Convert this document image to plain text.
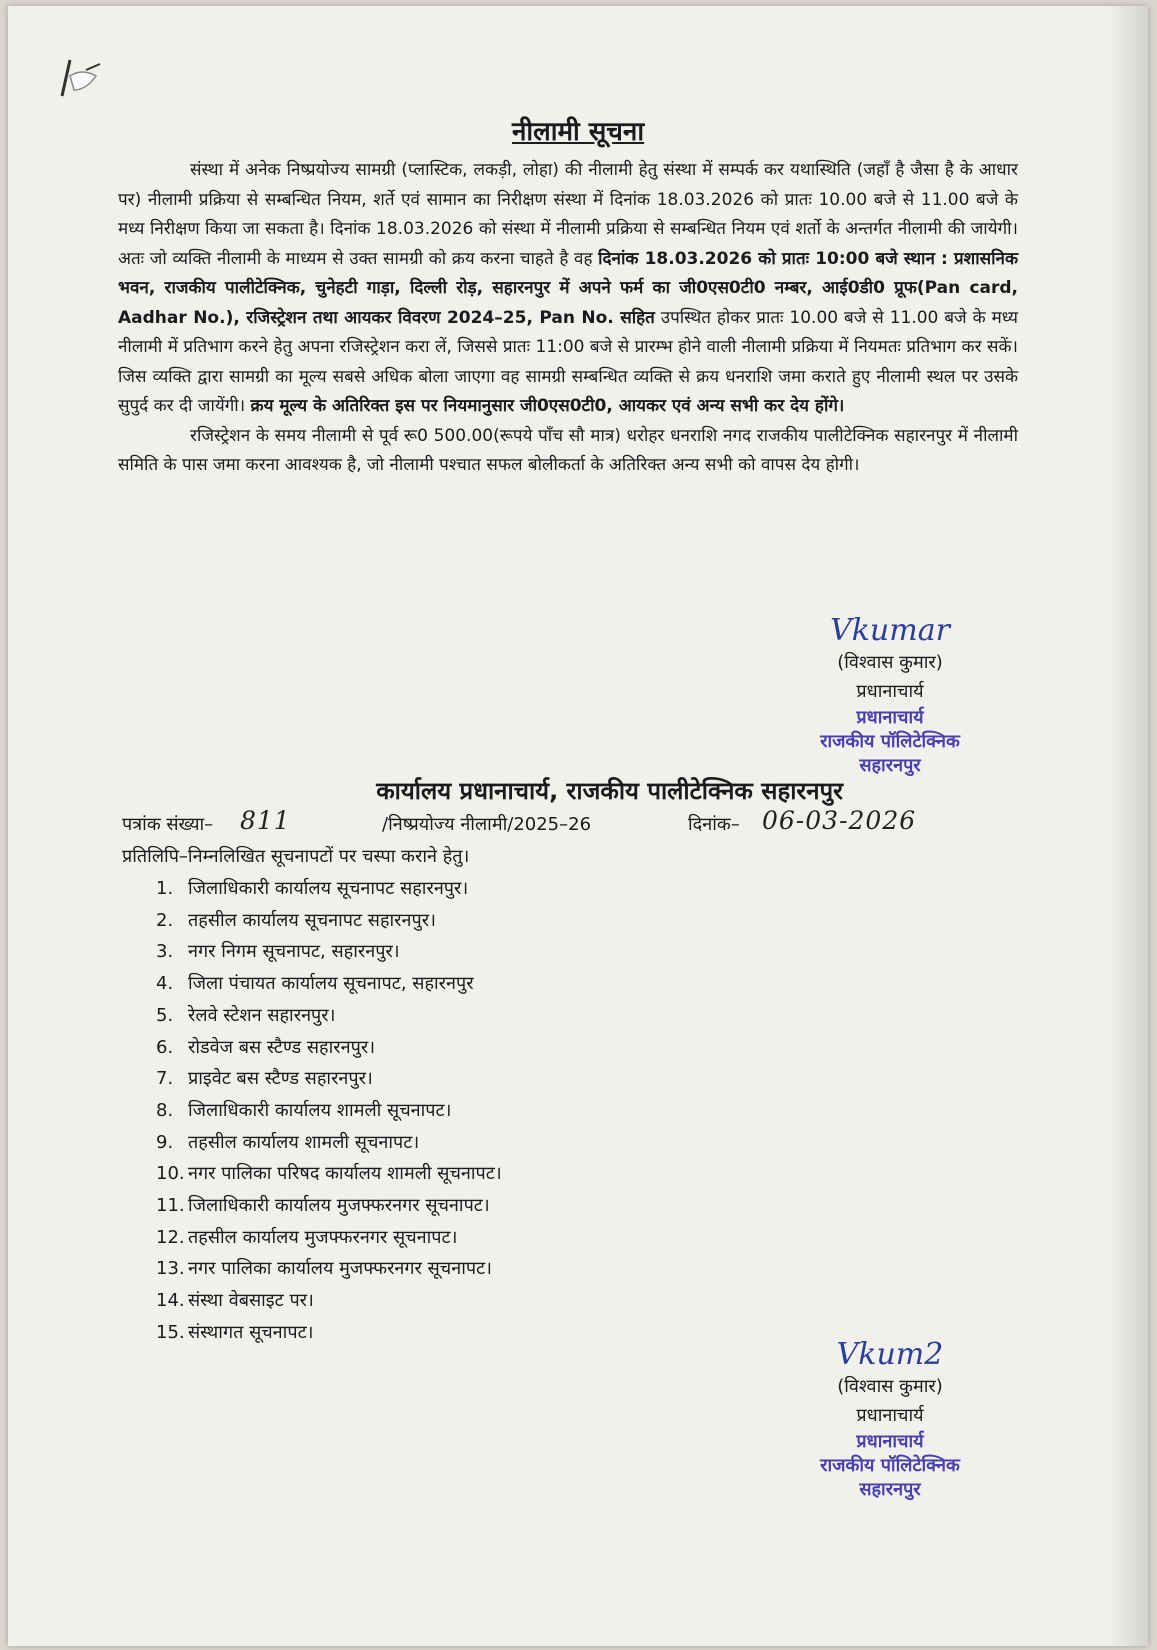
नीलामी सूचना

संस्था में अनेक निष्प्रयोज्य सामग्री (प्लास्टिक, लकड़ी, लोहा) की नीलामी हेतु संस्था में सम्पर्क कर यथास्थिति (जहाँ है जैसा है के आधार पर) नीलामी प्रक्रिया से सम्बन्धित नियम, शर्ते एवं सामान का निरीक्षण संस्था में दिनांक 18.03.2026 को प्रातः 10.00 बजे से 11.00 बजे के मध्य निरीक्षण किया जा सकता है। दिनांक 18.03.2026 को संस्था में नीलामी प्रक्रिया से सम्बन्धित नियम एवं शर्तो के अन्तर्गत नीलामी की जायेगी। अतः जो व्यक्ति नीलामी के माध्यम से उक्त सामग्री को क्रय करना चाहते है वह दिनांक 18.03.2026 को प्रातः 10:00 बजे स्थान : प्रशासनिक भवन, राजकीय पालीटेक्निक, चुनेहटी गाड़ा, दिल्ली रोड़, सहारनपुर में अपने फर्म का जी0एस0टी0 नम्बर, आई0डी0 प्रूफ(Pan card, Aadhar No.), रजिस्ट्रेशन तथा आयकर विवरण 2024–25, Pan No. सहित उपस्थित होकर प्रातः 10.00 बजे से 11.00 बजे के मध्य नीलामी में प्रतिभाग करने हेतु अपना रजिस्ट्रेशन करा लें, जिससे प्रातः 11:00 बजे से प्रारम्भ होने वाली नीलामी प्रक्रिया में नियमतः प्रतिभाग कर सकें। जिस व्यक्ति द्वारा सामग्री का मूल्य सबसे अधिक बोला जाएगा वह सामग्री सम्बन्धित व्यक्ति से क्रय धनराशि जमा कराते हुए नीलामी स्थल पर उसके सुपुर्द कर दी जायेंगी। क्रय मूल्य के अतिरिक्त इस पर नियमानुसार जी0एस0टी0, आयकर एवं अन्य सभी कर देय होंगे।

रजिस्ट्रेशन के समय नीलामी से पूर्व रू0 500.00(रूपये पाँच सौ मात्र) धरोहर धनराशि नगद राजकीय पालीटेक्निक सहारनपुर में नीलामी समिति के पास जमा करना आवश्यक है, जो नीलामी पश्चात सफल बोलीकर्ता के अतिरिक्त अन्य सभी को वापस देय होगी।

Vkumar
(विश्वास कुमार)
प्रधानाचार्य
प्रधानाचार्य
राजकीय पॉलिटेक्निक
सहारनपुर
कार्यालय प्रधानाचार्य, राजकीय पालीटेक्निक सहारनपुर
पत्रांक संख्या– 811	/निष्प्रयोज्य नीलामी/2025–26	दिनांक– 06-03-2026
प्रतिलिपि–निम्नलिखित सूचनापटों पर चस्पा कराने हेतु।
1. जिलाधिकारी कार्यालय सूचनापट सहारनपुर।
2. तहसील कार्यालय सूचनापट सहारनपुर।
3. नगर निगम सूचनापट, सहारनपुर।
4. जिला पंचायत कार्यालय सूचनापट, सहारनपुर
5. रेलवे स्टेशन सहारनपुर।
6. रोडवेज बस स्टैण्ड सहारनपुर।
7. प्राइवेट बस स्टैण्ड सहारनपुर।
8. जिलाधिकारी कार्यालय शामली सूचनापट।
9. तहसील कार्यालय शामली सूचनापट।
10. नगर पालिका परिषद कार्यालय शामली सूचनापट।
11. जिलाधिकारी कार्यालय मुजफ्फरनगर सूचनापट।
12. तहसील कार्यालय मुजफ्फरनगर सूचनापट।
13. नगर पालिका कार्यालय मुजफ्फरनगर सूचनापट।
14. संस्था वेबसाइट पर।
15. संस्थागत सूचनापट।
Vkum2
(विश्वास कुमार)
प्रधानाचार्य
प्रधानाचार्य
राजकीय पॉलिटेक्निक
सहारनपुर
